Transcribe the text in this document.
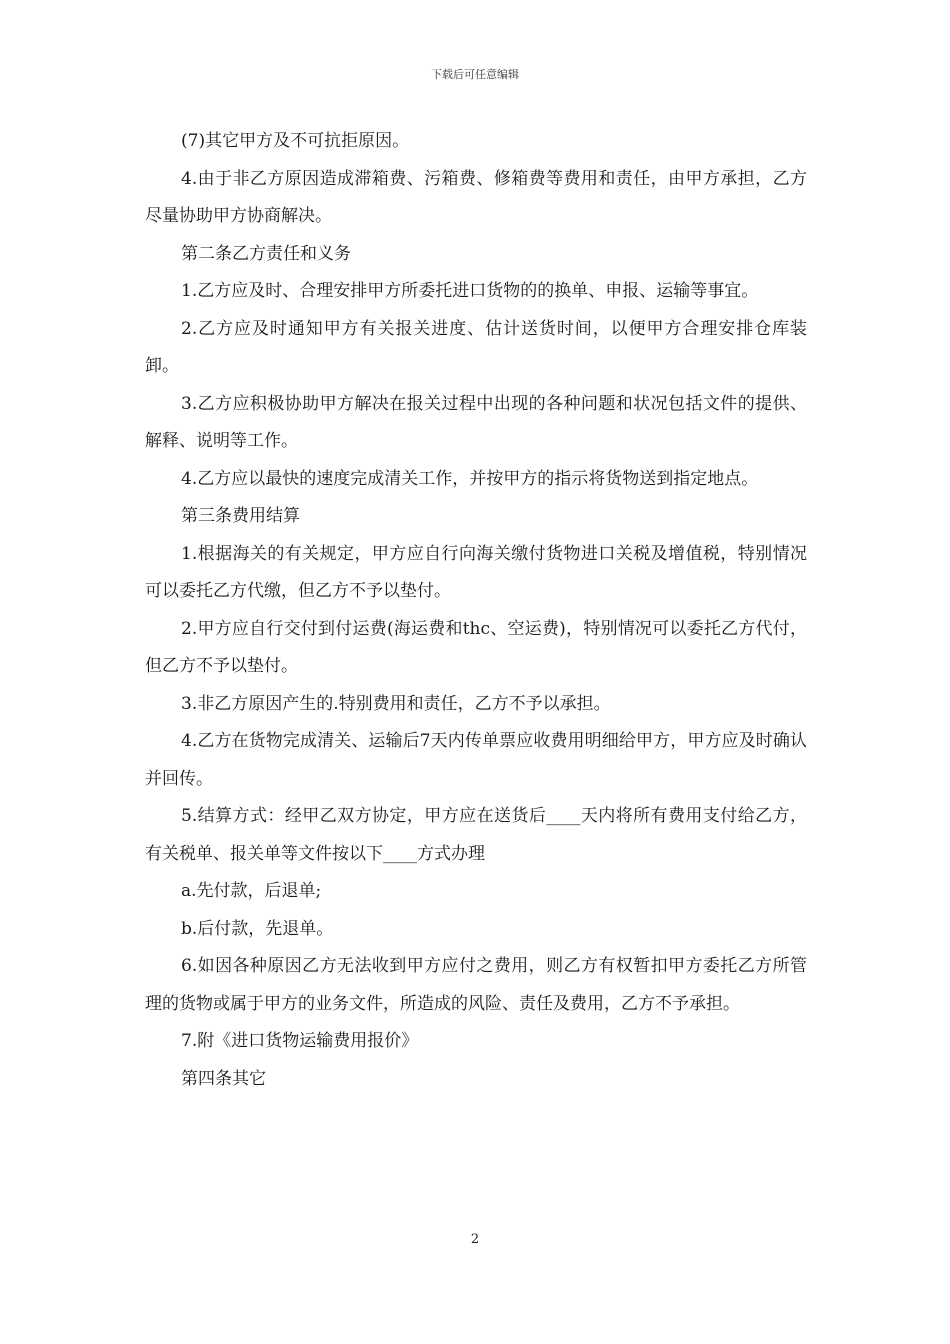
下载后可任意编辑

(7)其它甲方及不可抗拒原因。

4.由于非乙方原因造成滞箱费、污箱费、修箱费等费用和责任，由甲方承担，乙方尽量协助甲方协商解决。

第二条乙方责任和义务

1.乙方应及时、合理安排甲方所委托进口货物的的换单、申报、运输等事宜。

2.乙方应及时通知甲方有关报关进度、估计送货时间，以便甲方合理安排仓库装卸。

3.乙方应积极协助甲方解决在报关过程中出现的各种问题和状况包括文件的提供、解释、说明等工作。

4.乙方应以最快的速度完成清关工作，并按甲方的指示将货物送到指定地点。

第三条费用结算

1.根据海关的有关规定，甲方应自行向海关缴付货物进口关税及增值税，特别情况可以委托乙方代缴，但乙方不予以垫付。

2.甲方应自行交付到付运费(海运费和thc、空运费)，特别情况可以委托乙方代付，但乙方不予以垫付。

3.非乙方原因产生的.特别费用和责任，乙方不予以承担。

4.乙方在货物完成清关、运输后7天内传单票应收费用明细给甲方，甲方应及时确认并回传。

5.结算方式：经甲乙双方协定，甲方应在送货后____天内将所有费用支付给乙方，有关税单、报关单等文件按以下____方式办理

a.先付款，后退单;

b.后付款，先退单。

6.如因各种原因乙方无法收到甲方应付之费用，则乙方有权暂扣甲方委托乙方所管理的货物或属于甲方的业务文件，所造成的风险、责任及费用，乙方不予承担。

7.附《进口货物运输费用报价》

第四条其它

2
